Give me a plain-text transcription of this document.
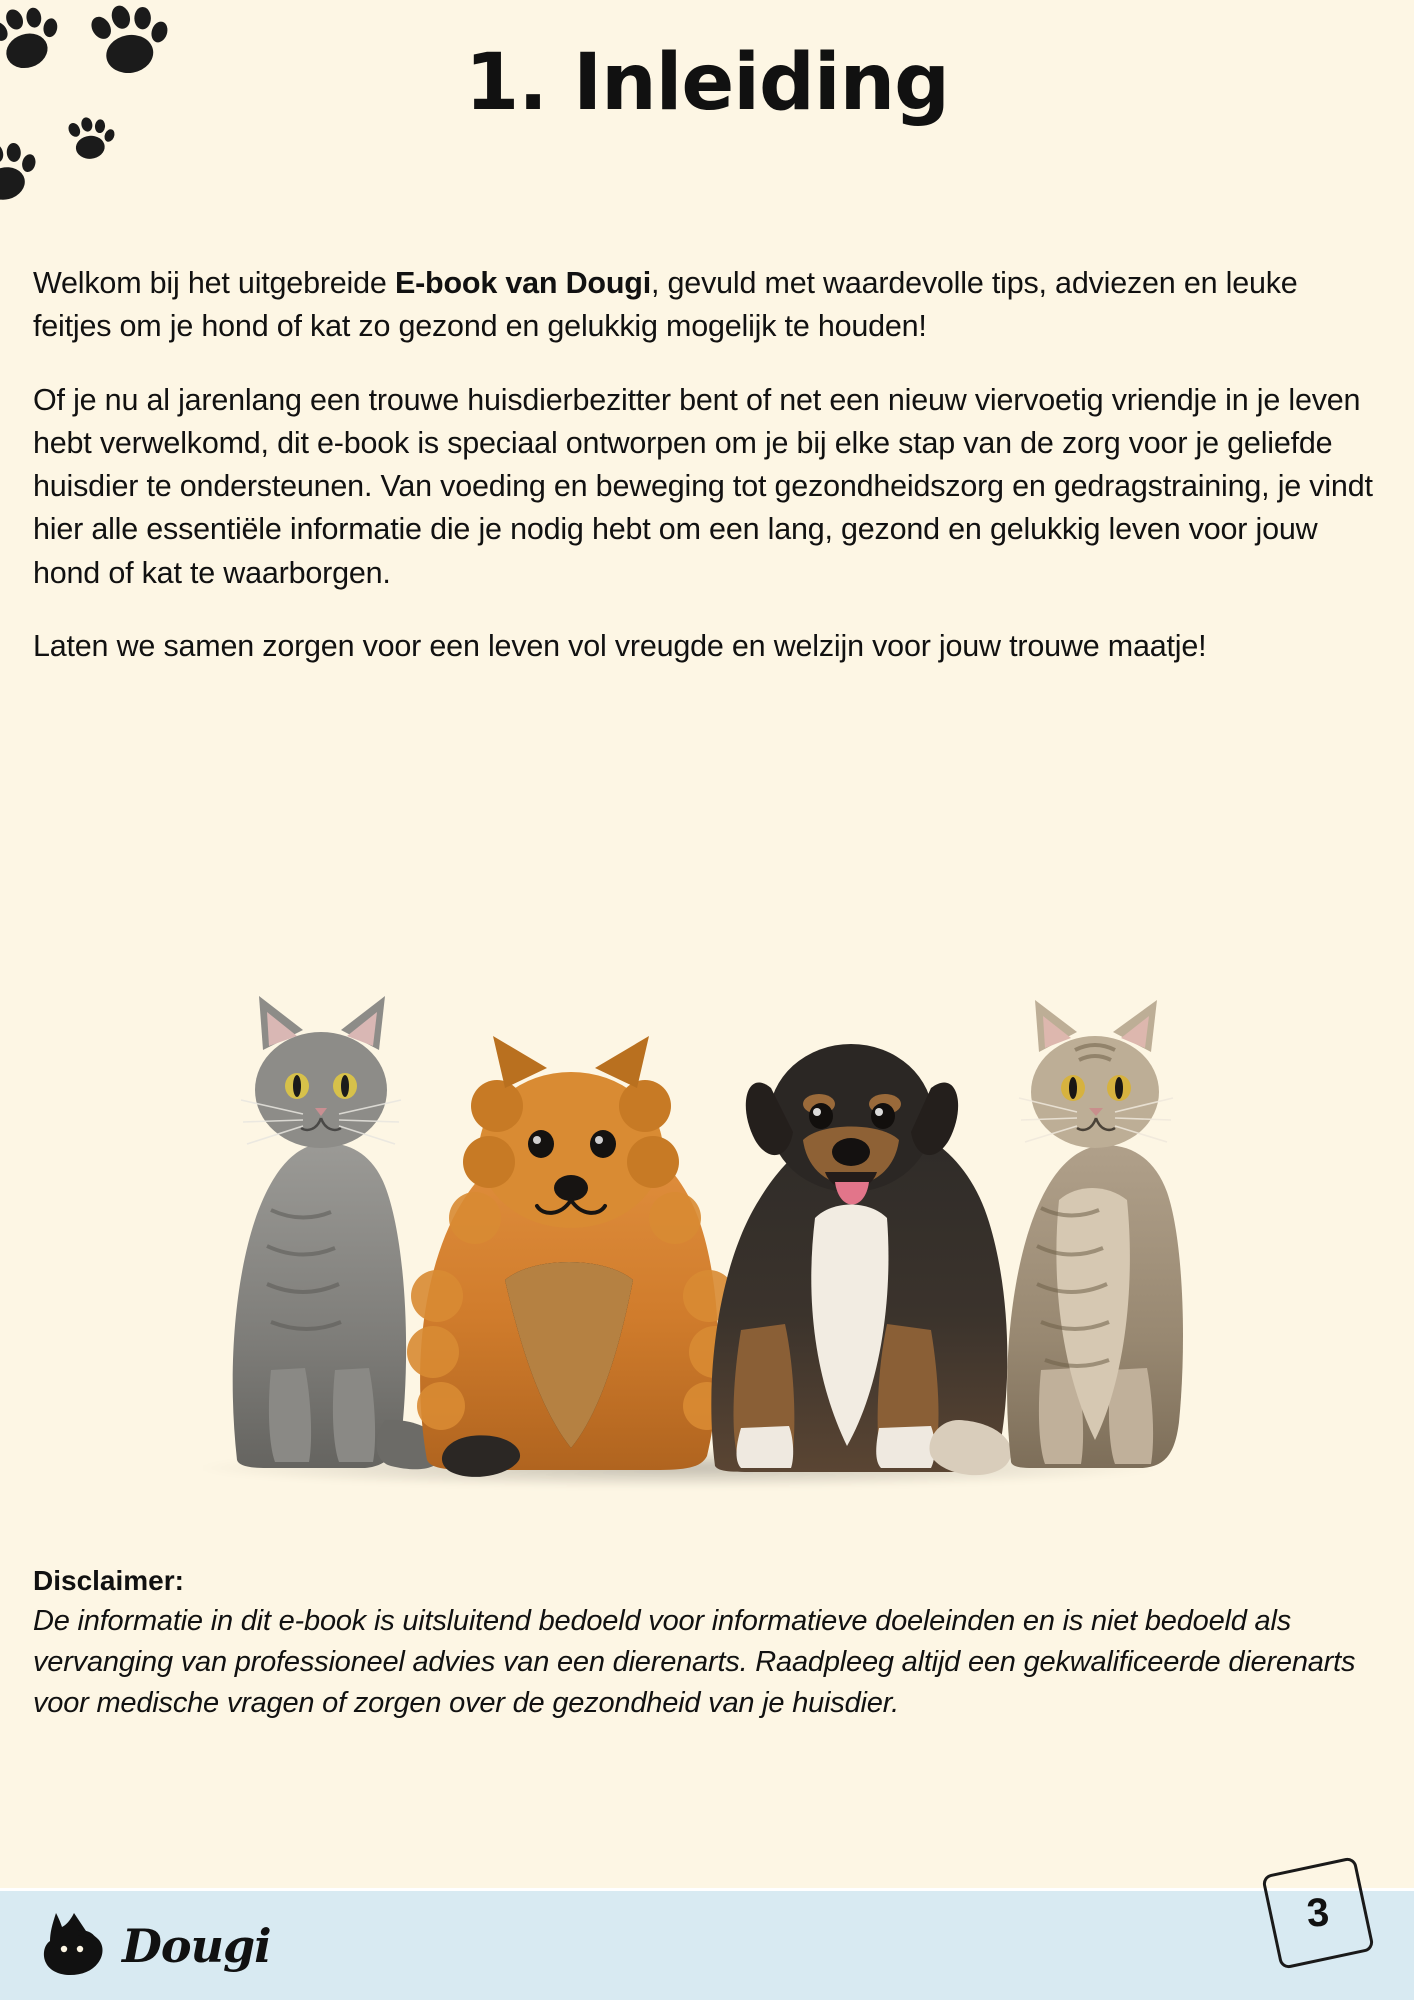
1. Inleiding

Welkom bij het uitgebreide E-book van Dougi, gevuld met waardevolle tips, adviezen en leuke feitjes om je hond of kat zo gezond en gelukkig mogelijk te houden!

Of je nu al jarenlang een trouwe huisdierbezitter bent of net een nieuw viervoetig vriendje in je leven hebt verwelkomd, dit e-book is speciaal ontworpen om je bij elke stap van de zorg voor je geliefde huisdier te ondersteunen. Van voeding en beweging tot gezondheidszorg en gedragstraining, je vindt hier alle essentiële informatie die je nodig hebt om een lang, gezond en gelukkig leven voor jouw hond of kat te waarborgen.

Laten we samen zorgen voor een leven vol vreugde en welzijn voor jouw trouwe maatje!

Disclaimer:
De informatie in dit e-book is uitsluitend bedoeld voor informatieve doeleinden en is niet bedoeld als vervanging van professioneel advies van een dierenarts. Raadpleeg altijd een gekwalificeerde dierenarts voor medische vragen of zorgen over de gezondheid van je huisdier.
Dougi
3
